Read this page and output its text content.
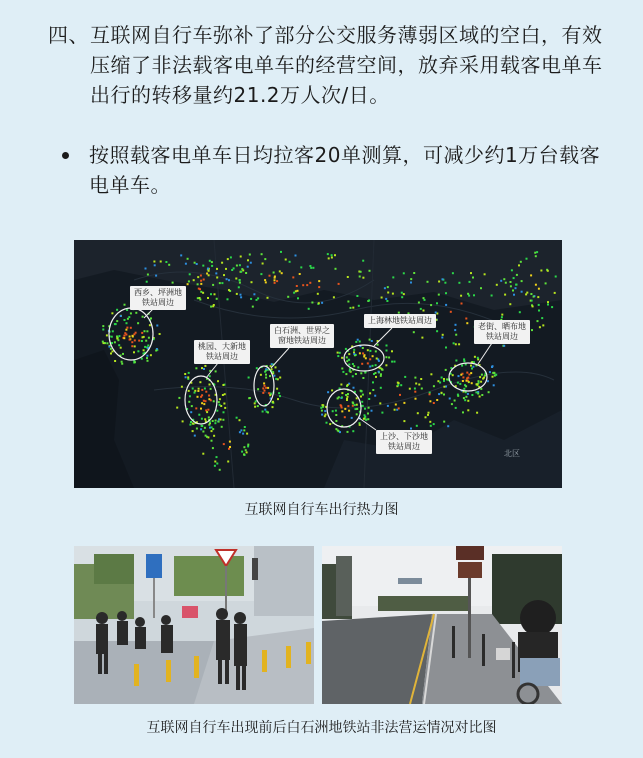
四、 互联网自行车弥补了部分公交服务薄弱区域的空白，有效压缩了非法载客电单车的经营空间，放弃采用载客电单车出行的转移量约21.2万人次/日。
按照载客电单车日均拉客20单测算，可减少约1万台载客电单车。
北区
西乡、坪洲地
铁站周边
白石洲、世界之
窗地铁站周边
上海林地铁站周边
老街、晒布地
铁站周边
桃园、大新地
铁站周边
上沙、下沙地
铁站周边
互联网自行车出行热力图
互联网自行车出现前后白石洲地铁站非法营运情况对比图
